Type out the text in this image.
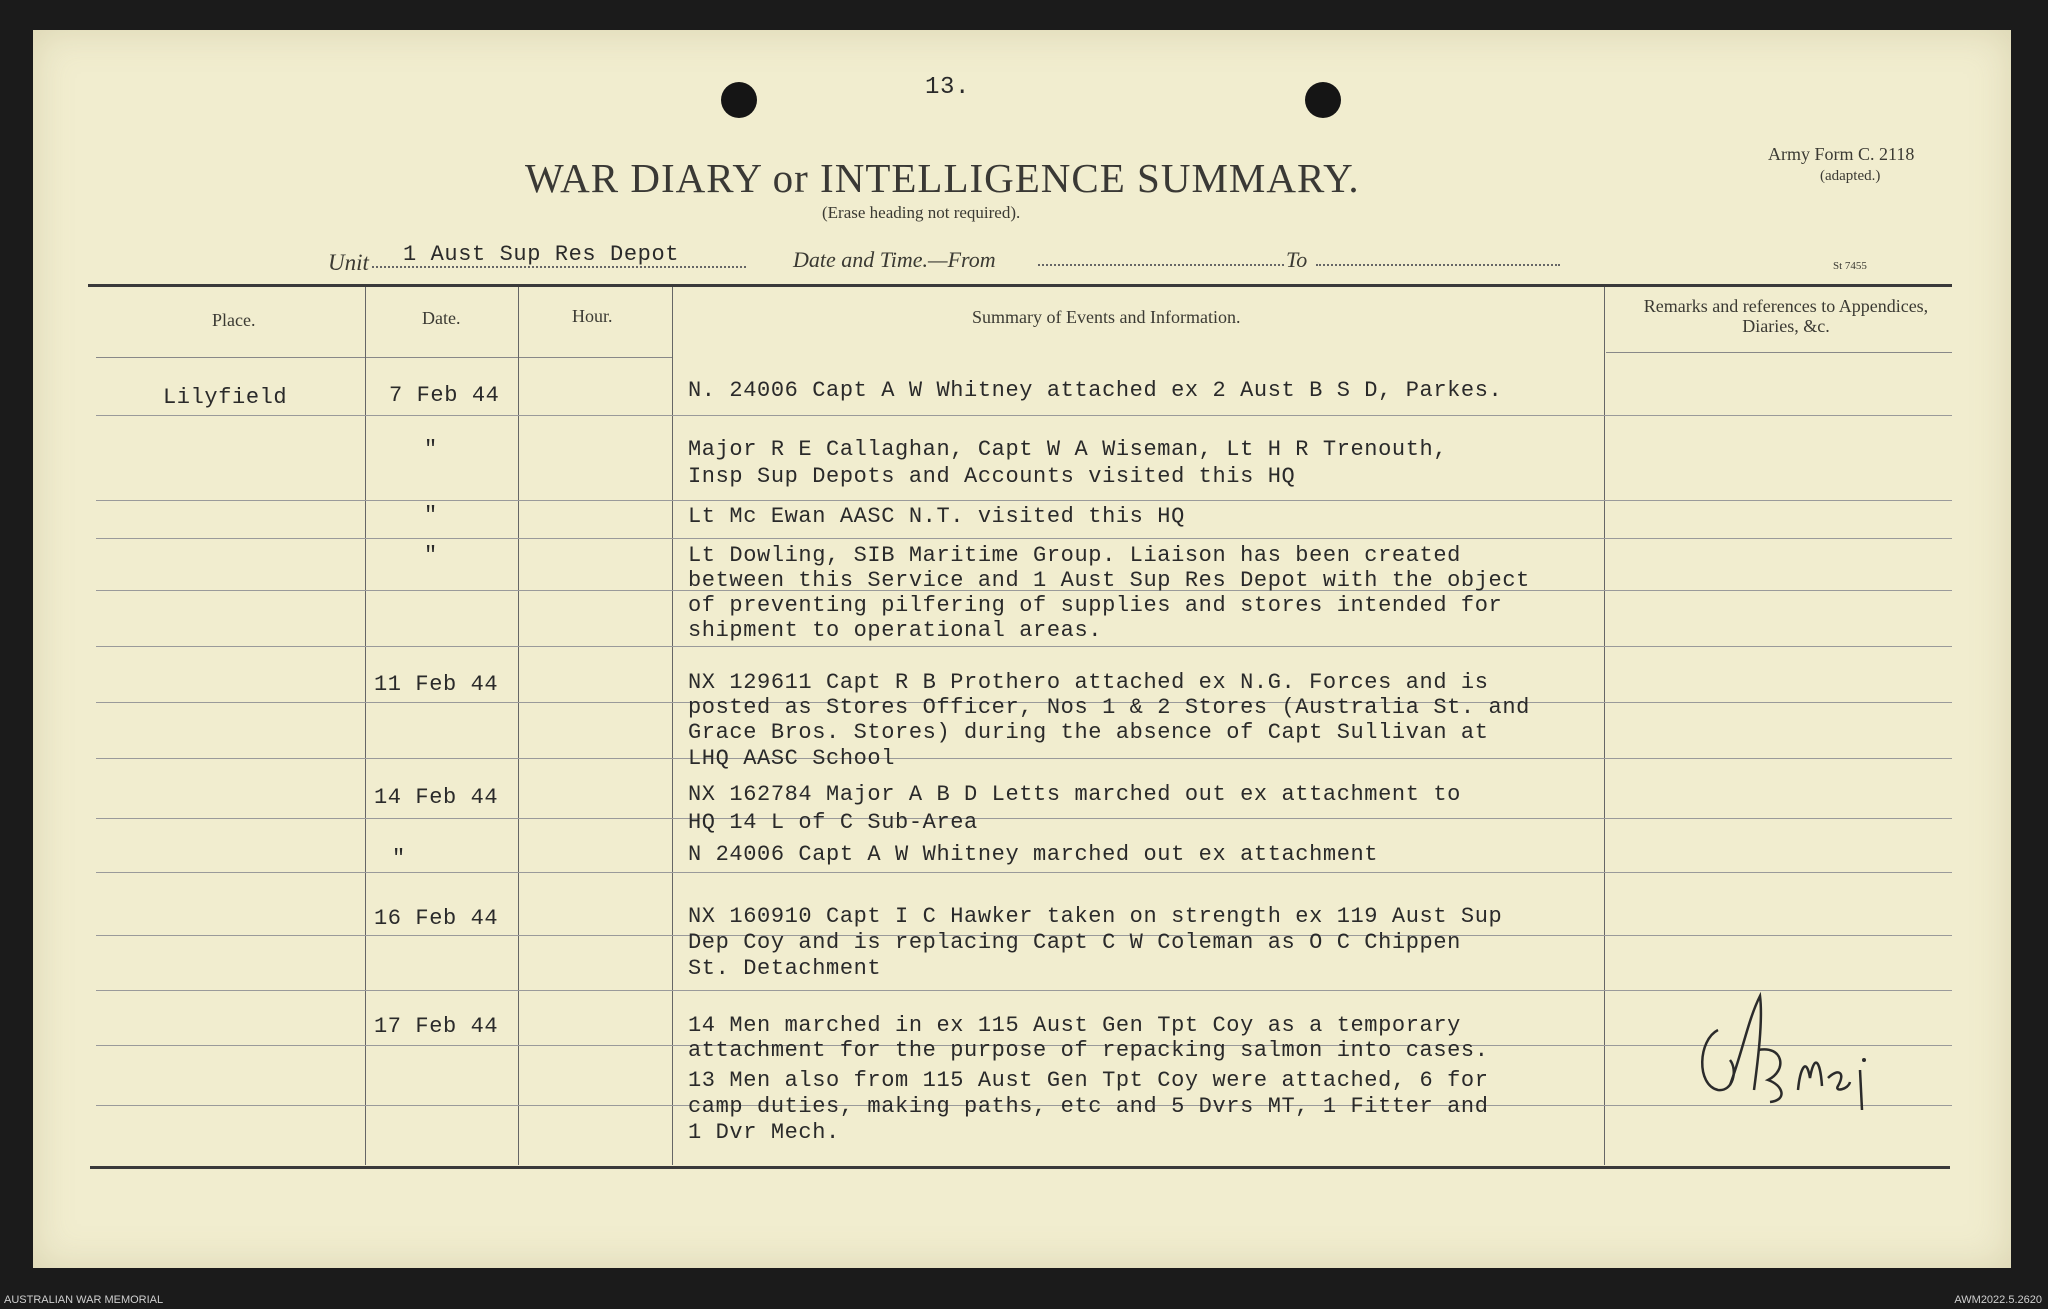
13.
WAR DIARY or INTELLIGENCE SUMMARY.
(Erase heading not required).
Army Form C. 2118
(adapted.)
St 7455
Unit 1 Aust Sup Res Depot	Date and Time.—From	To
Place.	Date.	Hour.	Summary of Events and Information.
Remarks and references to Appendices, Diaries, &c.
Lilyfield	7 Feb 44	N. 24006 Capt A W Whitney attached ex 2 Aust B S D, Parkes.
"	Major R E Callaghan, Capt W A Wiseman, Lt H R Trenouth,
Insp Sup Depots and Accounts visited this HQ
"	Lt Mc Ewan AASC N.T. visited this HQ
"	Lt Dowling, SIB Maritime Group. Liaison has been created
between this Service and 1 Aust Sup Res Depot with the object
of preventing pilfering of supplies and stores intended for
shipment to operational areas.
11 Feb 44	NX 129611 Capt R B Prothero attached ex N.G. Forces and is
posted as Stores Officer, Nos 1 & 2 Stores (Australia St. and
Grace Bros. Stores) during the absence of Capt Sullivan at
LHQ AASC School
14 Feb 44	NX 162784 Major A B D Letts marched out ex attachment to
HQ 14 L of C Sub-Area
"	N 24006 Capt A W Whitney marched out ex attachment
16 Feb 44	NX 160910 Capt I C Hawker taken on strength ex 119 Aust Sup
Dep Coy and is replacing Capt C W Coleman as O C Chippen
St. Detachment
17 Feb 44	14 Men marched in ex 115 Aust Gen Tpt Coy as a temporary
attachment for the purpose of repacking salmon into cases.
13 Men also from 115 Aust Gen Tpt Coy were attached, 6 for
camp duties, making paths, etc and 5 Dvrs MT, 1 Fitter and
1 Dvr Mech.
AUSTRALIAN WAR MEMORIAL	AWM2022.5.2620
